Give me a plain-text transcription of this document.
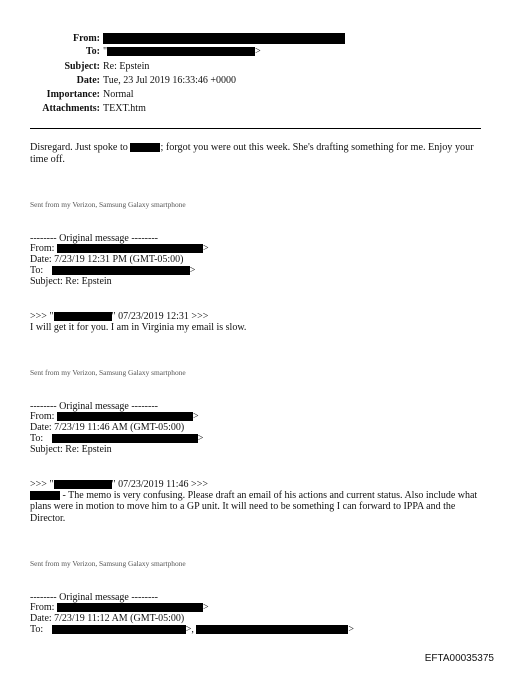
From:
To: "	>
Subject: Re: Epstein
Date: Tue, 23 Jul 2019 16:33:46 +0000
Importance: Normal
Attachments: TEXT.htm
Disregard. Just spoke to	; forgot you were out this week. She's drafting something for me. Enjoy your time off.
Sent from my Verizon, Samsung Galaxy smartphone
-------- Original message --------
From:	>
Date: 7/23/19 12:31 PM (GMT-05:00)
To:	>
Subject: Re: Epstein
>>> "	" 07/23/2019 12:31 >>>
I will get it for you. I am in Virginia my email is slow.
Sent from my Verizon, Samsung Galaxy smartphone
-------- Original message --------
From:	>
Date: 7/23/19 11:46 AM (GMT-05:00)
To:	>
Subject: Re: Epstein
>>> "	" 07/23/2019 11:46 >>>
- The memo is very confusing. Please draft an email of his actions and current status. Also include what plans were in motion to move him to a GP unit. It will need to be something I can forward to IPPA and the Director.
Sent from my Verizon, Samsung Galaxy smartphone
-------- Original message --------
From:	>
Date: 7/23/19 11:12 AM (GMT-05:00)
To:	>,	>
EFTA00035375
